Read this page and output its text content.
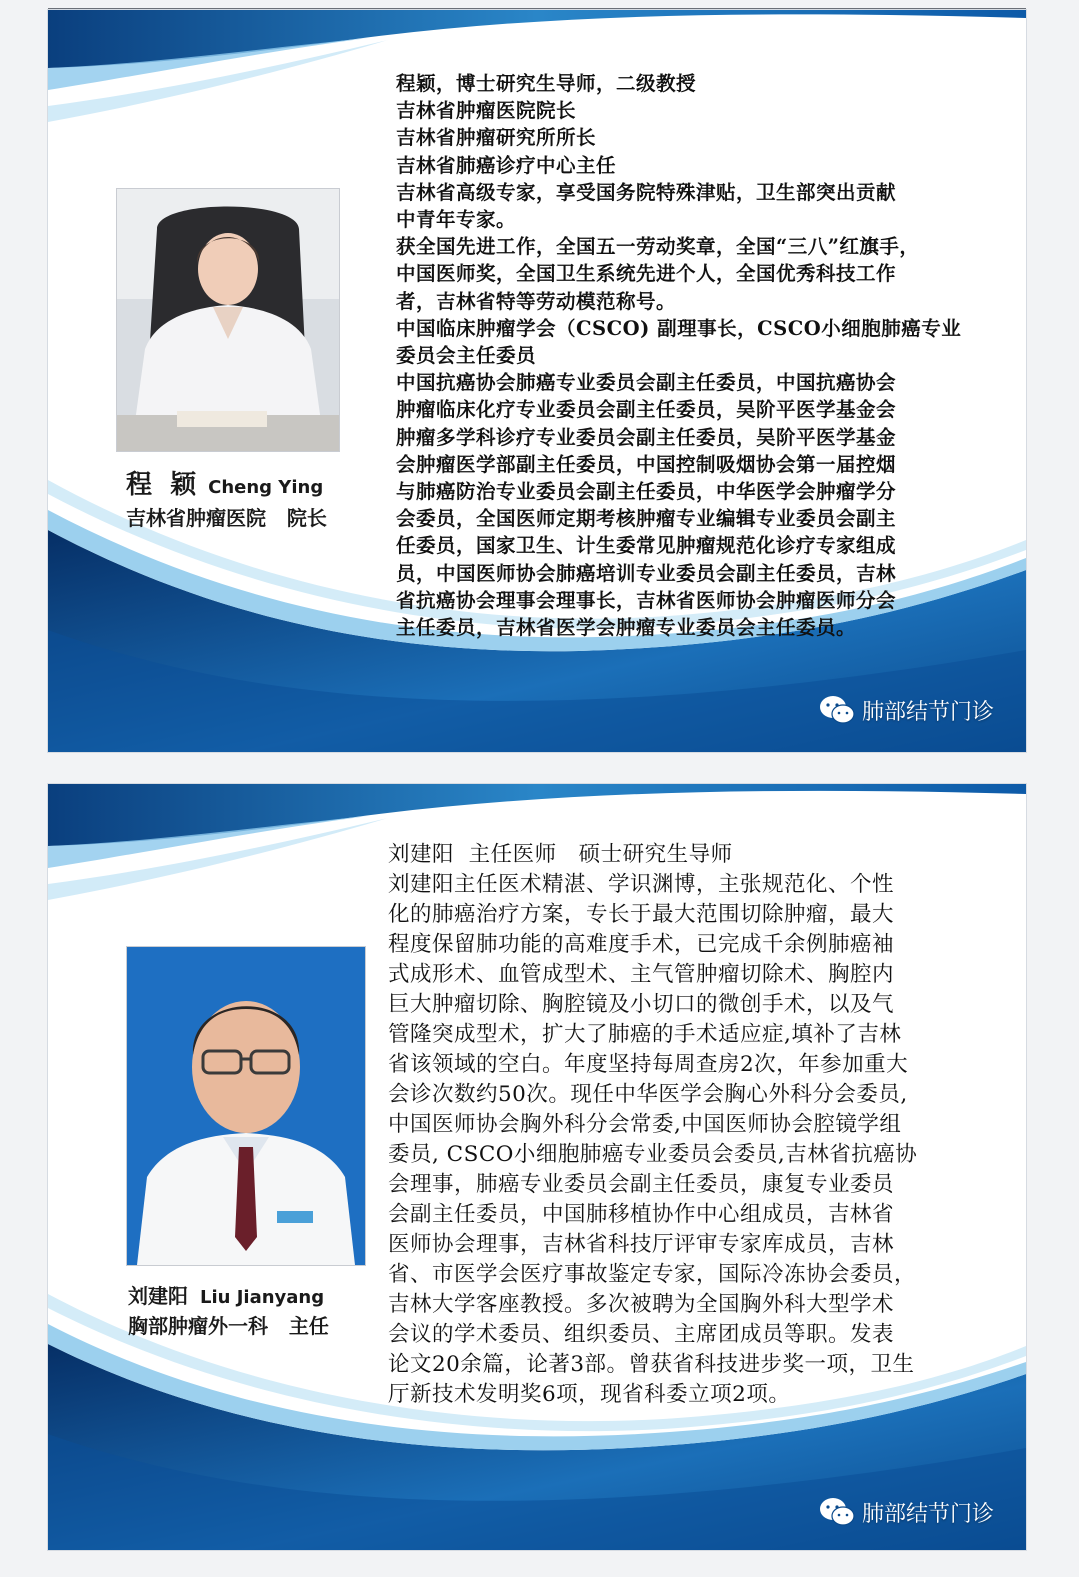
程  颖 Cheng Ying
吉林省肿瘤医院   院长
程颖，博士研究生导师，二级教授
吉林省肿瘤医院院长
吉林省肿瘤研究所所长
吉林省肺癌诊疗中心主任
吉林省高级专家，享受国务院特殊津贴，卫生部突出贡献
中青年专家。
获全国先进工作，全国五一劳动奖章，全国“三八”红旗手，
中国医师奖，全国卫生系统先进个人，全国优秀科技工作
者，吉林省特等劳动模范称号。
中国临床肿瘤学会（CSCO) 副理事长，CSCO小细胞肺癌专业
委员会主任委员
中国抗癌协会肺癌专业委员会副主任委员，中国抗癌协会
肿瘤临床化疗专业委员会副主任委员，吴阶平医学基金会
肿瘤多学科诊疗专业委员会副主任委员，吴阶平医学基金
会肿瘤医学部副主任委员，中国控制吸烟协会第一届控烟
与肺癌防治专业委员会副主任委员，中华医学会肿瘤学分
会委员，全国医师定期考核肿瘤专业编辑专业委员会副主
任委员，国家卫生、计生委常见肿瘤规范化诊疗专家组成
员，中国医师协会肺癌培训专业委员会副主任委员，吉林
省抗癌协会理事会理事长，吉林省医师协会肿瘤医师分会
主任委员，吉林省医学会肿瘤专业委员会主任委员。
肺部结节门诊
刘建阳 Liu Jianyang
胸部肿瘤外一科   主任
刘建阳  主任医师   硕士研究生导师
刘建阳主任医术精湛、学识渊博，主张规范化、个性
化的肺癌治疗方案，专长于最大范围切除肿瘤，最大
程度保留肺功能的高难度手术，已完成千余例肺癌袖
式成形术、血管成型术、主气管肿瘤切除术、胸腔内
巨大肿瘤切除、胸腔镜及小切口的微创手术，以及气
管隆突成型术，扩大了肺癌的手术适应症,填补了吉林
省该领域的空白。年度坚持每周查房2次，年参加重大
会诊次数约50次。现任中华医学会胸心外科分会委员,
中国医师协会胸外科分会常委,中国医师协会腔镜学组
委员, CSCO小细胞肺癌专业委员会委员,吉林省抗癌协
会理事，肺癌专业委员会副主任委员，康复专业委员
会副主任委员，中国肺移植协作中心组成员，吉林省
医师协会理事，吉林省科技厅评审专家库成员，吉林
省、市医学会医疗事故鉴定专家，国际冷冻协会委员，
吉林大学客座教授。多次被聘为全国胸外科大型学术
会议的学术委员、组织委员、主席团成员等职。发表
论文20余篇，论著3部。曾获省科技进步奖一项，卫生
厅新技术发明奖6项，现省科委立项2项。
肺部结节门诊
